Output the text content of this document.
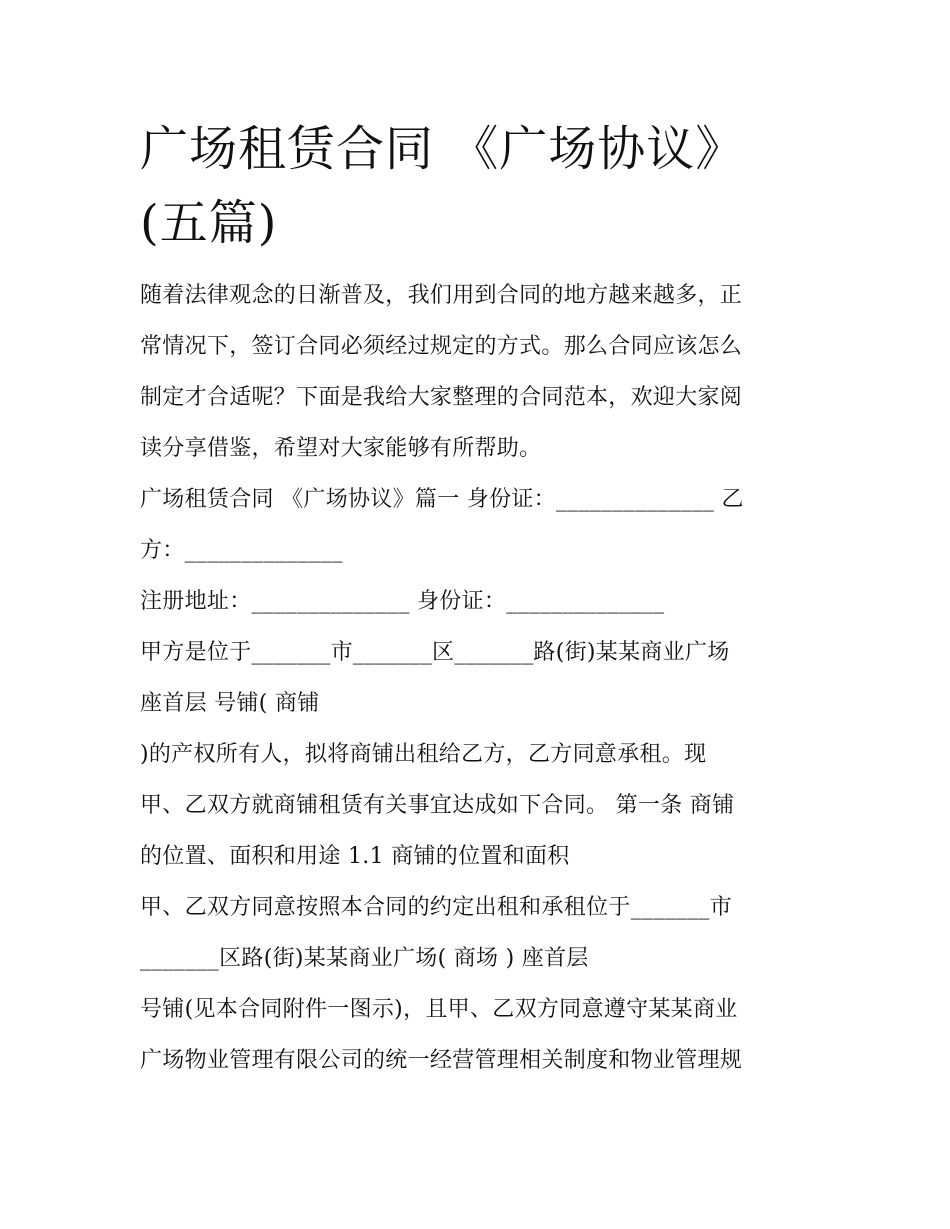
广场租赁合同 《广场协议》
(五篇)
随着法律观念的日渐普及，我们用到合同的地方越来越多，正
常情况下，签订合同必须经过规定的方式。那么合同应该怎么
制定才合适呢？下面是我给大家整理的合同范本，欢迎大家阅
读分享借鉴，希望对大家能够有所帮助。
广场租赁合同 《广场协议》篇一 身份证：______________ 乙
方：______________
注册地址：______________ 身份证：______________
甲方是位于_______市_______区_______路(街)某某商业广场
座首层 号铺( 商铺
)的产权所有人，拟将商铺出租给乙方，乙方同意承租。现
甲、乙双方就商铺租赁有关事宜达成如下合同。 第一条 商铺
的位置、面积和用途 1.1 商铺的位置和面积
甲、乙双方同意按照本合同的约定出租和承租位于_______市
_______区路(街)某某商业广场( 商场 ) 座首层
号铺(见本合同附件一图示)，且甲、乙双方同意遵守某某商业
广场物业管理有限公司的统一经营管理相关制度和物业管理规
